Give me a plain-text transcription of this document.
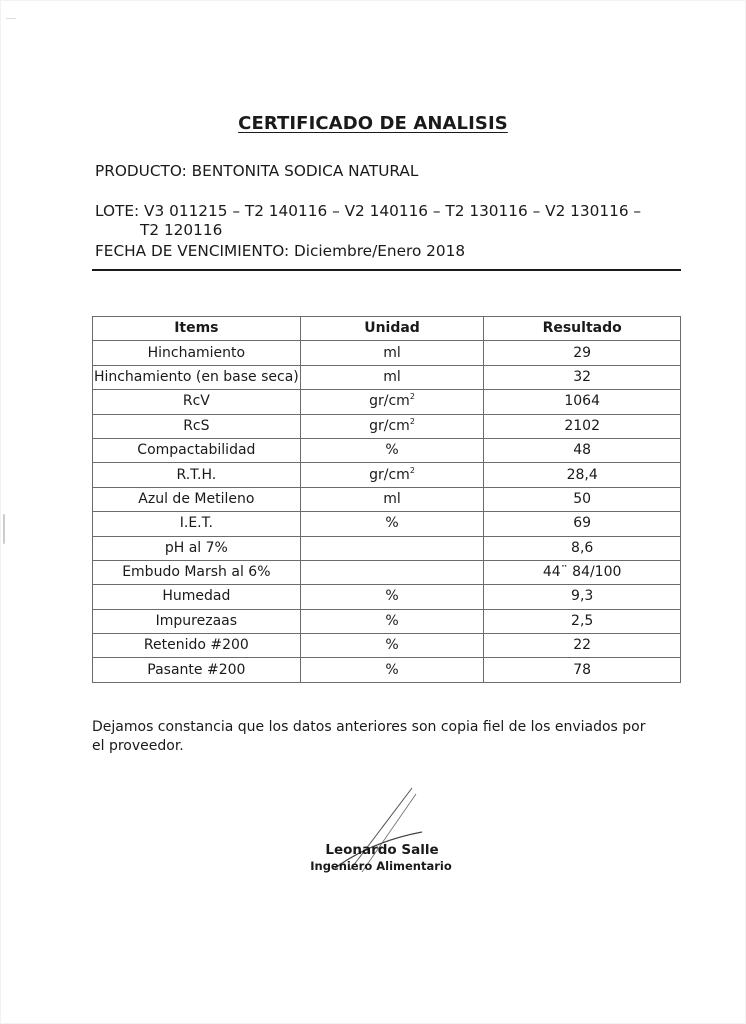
CERTIFICADO DE ANALISIS
PRODUCTO: BENTONITA SODICA NATURAL
LOTE: V3 011215 – T2 140116 – V2 140116 – T2 130116 – V2 130116 –
T2 120116
FECHA DE VENCIMIENTO: Diciembre/Enero 2018
Items	Unidad	Resultado
Hinchamiento	ml	29
Hinchamiento (en base seca)	ml	32
RcV	$gr/cm^2$	1064
RcS	$gr/cm^2$	2102
Compactabilidad	%	48
R.T.H.	$gr/cm^2$	28,4
Azul de Metileno	ml	50
I.E.T.	%	69
pH al 7%		8,6
Embudo Marsh al 6%		44¨ 84/100
Humedad	%	9,3
Impurezaas	%	2,5
Retenido #200	%	22
Pasante #200	%	78
Dejamos constancia que los datos anteriores son copia fiel de los enviados por el proveedor.
Leonardo Salle
Ingeniero Alimentario
